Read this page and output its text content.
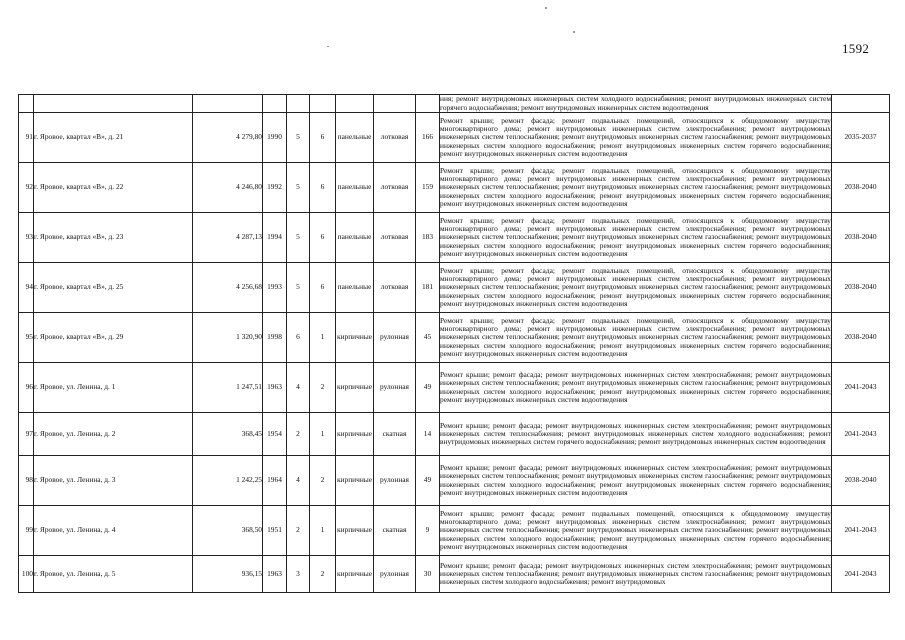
1592
									ния; ремонт внутридомовых инженерных систем холодного водоснабжения; ремонт внутридомовых инженерных систем горячего водоснабжения; ремонт внутридомовых инженерных систем водоотведения	
91	г. Яровое, квартал «В», д. 21	4 279,80	1990	5	6	панельные	лотковая	166	Ремонт крыши; ремонт фасада; ремонт подвальных помещений, относящихся к общедомовому имуществу многоквартирного дома; ремонт внутридомовых инженерных систем электроснабжения; ремонт внутридомовых инженерных систем теплоснабжения; ремонт внутридомовых инженерных систем газоснабжения; ремонт внутридомовых инженерных систем холодного водоснабжения; ремонт внутридомовых инженерных систем горячего водоснабжения; ремонт внутридомовых инженерных систем водоотведения	2035-2037
92	г. Яровое, квартал «В», д. 22	4 246,80	1992	5	6	панельные	лотковая	159	Ремонт крыши; ремонт фасада; ремонт подвальных помещений, относящихся к общедомовому имуществу многоквартирного дома; ремонт внутридомовых инженерных систем электроснабжения; ремонт внутридомовых инженерных систем теплоснабжения; ремонт внутридомовых инженерных систем газоснабжения; ремонт внутридомовых инженерных систем холодного водоснабжения; ремонт внутридомовых инженерных систем горячего водоснабжения; ремонт внутридомовых инженерных систем водоотведения	2038-2040
93	г. Яровое, квартал «В», д. 23	4 287,13	1994	5	6	панельные	лотковая	183	Ремонт крыши; ремонт фасада; ремонт подвальных помещений, относящихся к общедомовому имуществу многоквартирного дома; ремонт внутридомовых инженерных систем электроснабжения; ремонт внутридомовых инженерных систем теплоснабжения; ремонт внутридомовых инженерных систем газоснабжения; ремонт внутридомовых инженерных систем холодного водоснабжения; ремонт внутридомовых инженерных систем горячего водоснабжения; ремонт внутридомовых инженерных систем водоотведения	2038-2040
94	г. Яровое, квартал «В», д. 25	4 256,68	1993	5	6	панельные	лотковая	181	Ремонт крыши; ремонт фасада; ремонт подвальных помещений, относящихся к общедомовому имуществу многоквартирного дома; ремонт внутридомовых инженерных систем электроснабжения; ремонт внутридомовых инженерных систем теплоснабжения; ремонт внутридомовых инженерных систем газоснабжения; ремонт внутридомовых инженерных систем холодного водоснабжения; ремонт внутридомовых инженерных систем горячего водоснабжения; ремонт внутридомовых инженерных систем водоотведения	2038-2040
95	г. Яровое, квартал «В», д. 29	1 320,90	1998	6	1	кирпичные	рулонная	45	Ремонт крыши; ремонт фасада; ремонт подвальных помещений, относящихся к общедомовому имуществу многоквартирного дома; ремонт внутридомовых инженерных систем электроснабжения; ремонт внутридомовых инженерных систем теплоснабжения; ремонт внутридомовых инженерных систем газоснабжения; ремонт внутридомовых инженерных систем холодного водоснабжения; ремонт внутридомовых инженерных систем горячего водоснабжения; ремонт внутридомовых инженерных систем водоотведения	2038-2040
96	г. Яровое, ул. Ленина, д. 1	1 247,51	1963	4	2	кирпичные	рулонная	49	Ремонт крыши; ремонт фасада; ремонт внутридомовых инженерных систем электроснабжения; ремонт внутридомовых инженерных систем теплоснабжения; ремонт внутридомовых инженерных систем газоснабжения; ремонт внутридомовых инженерных систем холодного водоснабжения; ремонт внутридомовых инженерных систем горячего водоснабжения; ремонт внутридомовых инженерных систем водоотведения	2041-2043
97	г. Яровое, ул. Ленина, д. 2	368,45	1954	2	1	кирпичные	скатная	14	Ремонт крыши; ремонт фасада; ремонт внутридомовых инженерных систем электроснабжения; ремонт внутридомовых инженерных систем теплоснабжения; ремонт внутридомовых инженерных систем холодного водоснабжения; ремонт внутридомовых инженерных систем горячего водоснабжения; ремонт внутридомовых инженерных систем водоотведения	2041-2043
98	г. Яровое, ул. Ленина, д. 3	1 242,25	1964	4	2	кирпичные	рулонная	49	Ремонт крыши; ремонт фасада; ремонт внутридомовых инженерных систем электроснабжения; ремонт внутридомовых инженерных систем теплоснабжения; ремонт внутридомовых инженерных систем газоснабжения; ремонт внутридомовых инженерных систем холодного водоснабжения; ремонт внутридомовых инженерных систем горячего водоснабжения; ремонт внутридомовых инженерных систем водоотведения	2038-2040
99	г. Яровое, ул. Ленина, д. 4	368,50	1951	2	1	кирпичные	скатная	9	Ремонт крыши; ремонт фасада; ремонт подвальных помещений, относящихся к общедомовому имуществу многоквартирного дома; ремонт внутридомовых инженерных систем электроснабжения; ремонт внутридомовых инженерных систем теплоснабжения; ремонт внутридомовых инженерных систем газоснабжения; ремонт внутридомовых инженерных систем холодного водоснабжения; ремонт внутридомовых инженерных систем горячего водоснабжения; ремонт внутридомовых инженерных систем водоотведения	2041-2043
100	г. Яровое, ул. Ленина, д. 5	936,15	1963	3	2	кирпичные	рулонная	30	Ремонт крыши; ремонт фасада; ремонт внутридомовых инженерных систем электроснабжения; ремонт внутридомовых инженерных систем теплоснабжения; ремонт внутридомовых инженерных систем газоснабжения; ремонт внутридомовых инженерных систем холодного водоснабжения; ремонт внутридомовых	2041-2043
